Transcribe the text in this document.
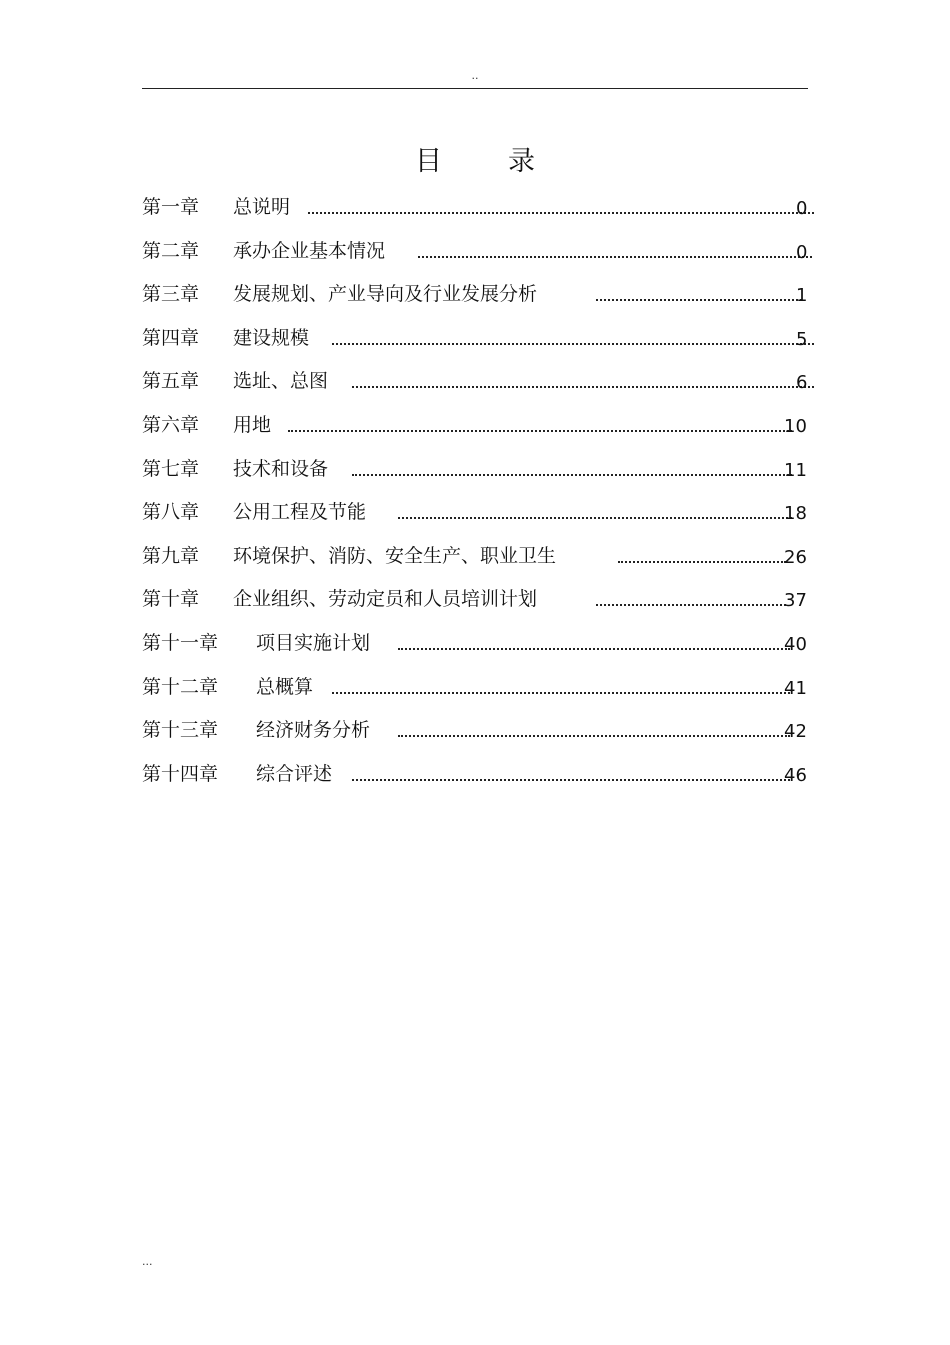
..
目录
第一章 总说明	0
第二章 承办企业基本情况	0
第三章 发展规划、产业导向及行业发展分析	1
第四章 建设规模	5
第五章 选址、总图	6
第六章 用地	10
第七章 技术和设备	11
第八章 公用工程及节能	18
第九章 环境保护、消防、安全生产、职业卫生	26
第十章 企业组织、劳动定员和人员培训计划	37
第十一章 项目实施计划	40
第十二章 总概算	41
第十三章 经济财务分析	42
第十四章 综合评述	46
...
